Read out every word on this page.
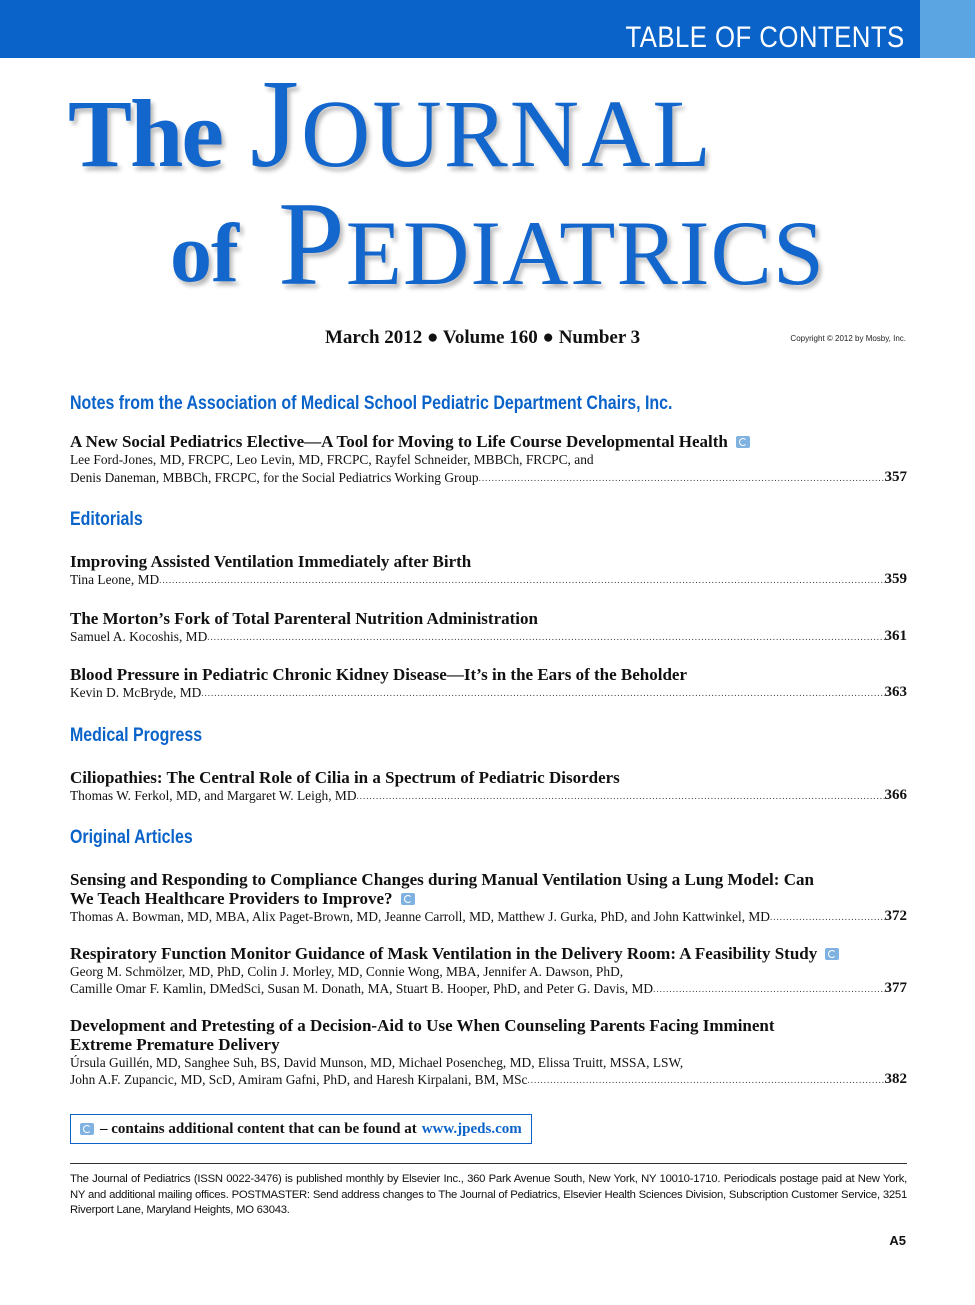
TABLE OF CONTENTS
The JOURNAL
of PEDIATRICS
March 2012 ● Volume 160 ● Number 3	Copyright © 2012 by Mosby, Inc.
Notes from the Association of Medical School Pediatric Department Chairs, Inc.

A New Social Pediatrics Elective—A Tool for Moving to Life Course Developmental Health

Lee Ford-Jones, MD, FRCPC, Leo Levin, MD, FRCPC, Rayfel Schneider, MBBCh, FRCPC, and

Denis Daneman, MBBCh, FRCPC, for the Social Pediatrics Working Group .....	357
Editorials

Improving Assisted Ventilation Immediately after Birth

Tina Leone, MD .....	359

The Morton’s Fork of Total Parenteral Nutrition Administration

Samuel A. Kocoshis, MD .....	361

Blood Pressure in Pediatric Chronic Kidney Disease—It’s in the Ears of the Beholder

Kevin D. McBryde, MD .....	363
Medical Progress

Ciliopathies: The Central Role of Cilia in a Spectrum of Pediatric Disorders

Thomas W. Ferkol, MD, and Margaret W. Leigh, MD .....	366
Original Articles

Sensing and Responding to Compliance Changes during Manual Ventilation Using a Lung Model: Can

We Teach Healthcare Providers to Improve?

Thomas A. Bowman, MD, MBA, Alix Paget-Brown, MD, Jeanne Carroll, MD, Matthew J. Gurka, PhD, and John Kattwinkel, MD .....	372

Respiratory Function Monitor Guidance of Mask Ventilation in the Delivery Room: A Feasibility Study

Georg M. Schmölzer, MD, PhD, Colin J. Morley, MD, Connie Wong, MBA, Jennifer A. Dawson, PhD,

Camille Omar F. Kamlin, DMedSci, Susan M. Donath, MA, Stuart B. Hooper, PhD, and Peter G. Davis, MD .....	377

Development and Pretesting of a Decision-Aid to Use When Counseling Parents Facing Imminent

Extreme Premature Delivery

Úrsula Guillén, MD, Sanghee Suh, BS, David Munson, MD, Michael Posencheg, MD, Elissa Truitt, MSSA, LSW,

John A.F. Zupancic, MD, ScD, Amiram Gafni, PhD, and Haresh Kirpalani, BM, MSc .....	382
– contains additional content that can be found at www.jpeds.com
The Journal of Pediatrics (ISSN 0022-3476) is published monthly by Elsevier Inc., 360 Park Avenue South, New York, NY 10010-1710. Periodicals postage paid at New York, NY and additional mailing offices. POSTMASTER: Send address changes to The Journal of Pediatrics, Elsevier Health Sciences Division, Subscription Customer Service, 3251 Riverport Lane, Maryland Heights, MO 63043.
A5
